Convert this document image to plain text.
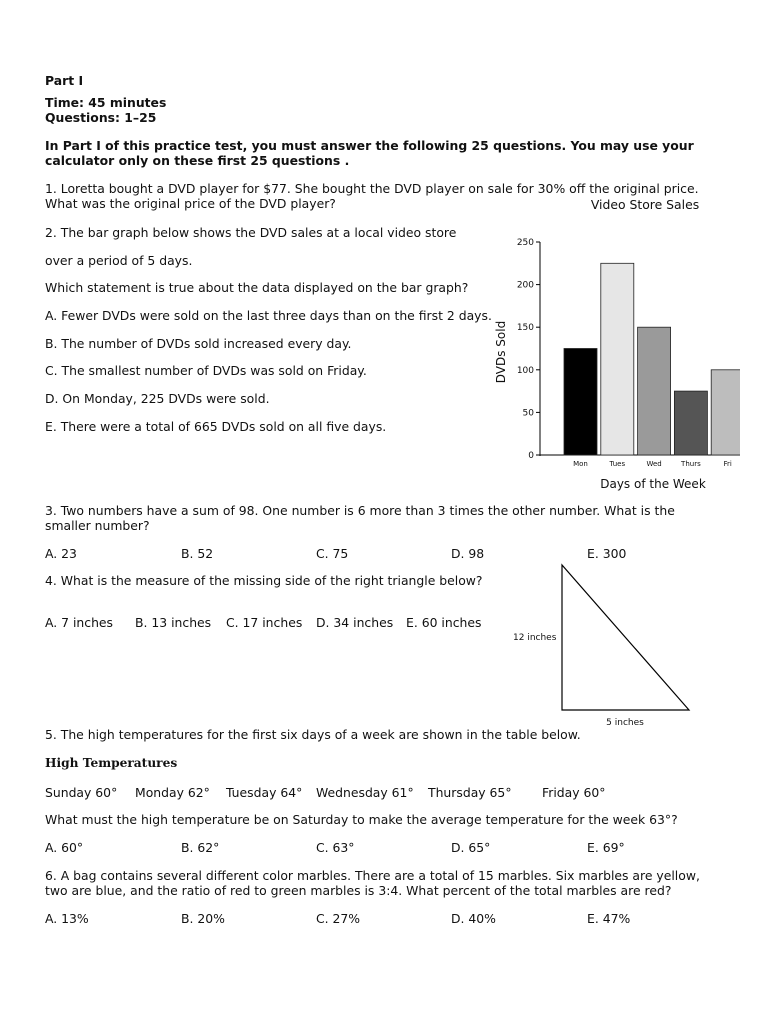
Part I
Time: 45 minutes
Questions: 1–25
In Part I of this practice test, you must answer the following 25 questions. You may use your
calculator only on these first 25 questions .
1. Loretta bought a DVD player for $77. She bought the DVD player on sale for 30% off the original price.
What was the original price of the DVD player?
2. The bar graph below shows the DVD sales at a local video store
over a period of 5 days.
Which statement is true about the data displayed on the bar graph?
A. Fewer DVDs were sold on the last three days than on the first 2 days.
B. The number of DVDs sold increased every day.
C. The smallest number of DVDs was sold on Friday.
D. On Monday, 225 DVDs were sold.
E. There were a total of 665 DVDs sold on all five days.
Video Store Sales
DVDs Sold
Days of the Week
0
50
100
150
200
250
Mon	Tues	Wed	Thurs	Fri
3. Two numbers have a sum of 98. One number is 6 more than 3 times the other number. What is the
smaller number?
A. 23	B. 52	C. 75	D. 98	E. 300
4. What is the measure of the missing side of the right triangle below?
A. 7 inches B. 13 inches C. 17 inches D. 34 inches E. 60 inches
12 inches
5 inches
5. The high temperatures for the first six days of a week are shown in the table below.
High Temperatures
Sunday 60° Monday 62° Tuesday 64° Wednesday 61° Thursday 65° Friday 60°
What must the high temperature be on Saturday to make the average temperature for the week 63°?
A. 60°	B. 62°	C. 63°	D. 65°	E. 69°
6. A bag contains several different color marbles. There are a total of 15 marbles. Six marbles are yellow,
two are blue, and the ratio of red to green marbles is 3:4. What percent of the total marbles are red?
A. 13%	B. 20%	C. 27%	D. 40%	E. 47%
